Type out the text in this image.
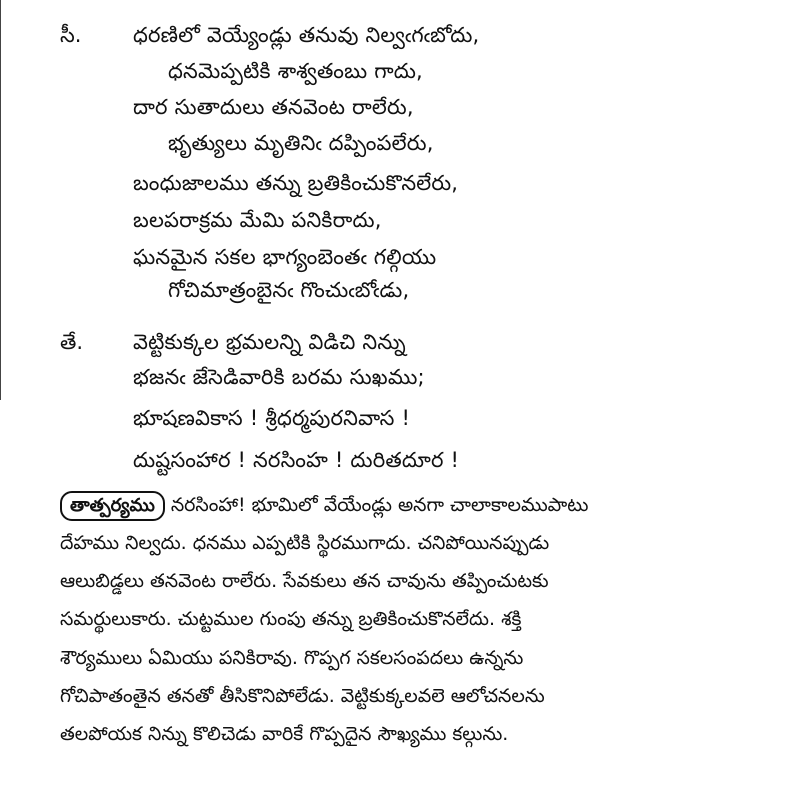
సీ. ధరణిలో వెయ్యేండ్లు తనువు నిల్వఁగఁబోదు,
ధనమెప్పటికి శాశ్వతంబు గాదు,
దార సుతాదులు తనవెంట రాలేరు,
భృత్యులు మృతినిఁ దప్పింపలేరు,
బంధుజాలము తన్ను బ్రతికించుకొనలేరు,
బలపరాక్రమ మేమి పనికిరాదు,
ఘనమైన సకల భాగ్యంబెంతఁ గల్గియు
గోచిమాత్రంబైనఁ గొంచుఁబోఁడు,
తే. వెట్టికుక్కల భ్రమలన్ని విడిచి నిన్ను
భజనఁ జేసెడివారికి బరమ సుఖము;
భూషణవికాస ! శ్రీధర్మపురనివాస !
దుష్టసంహార ! నరసింహ ! దురితదూర !
తాత్పర్యము నరసింహా! భూమిలో వేయేండ్లు అనగా చాలాకాలముపాటు
దేహము నిల్వదు. ధనము ఎప్పటికి స్థిరముగాదు. చనిపోయినప్పుడు
ఆలుబిడ్డలు తనవెంట రాలేరు. సేవకులు తన చావును తప్పించుటకు
సమర్థులుకారు. చుట్టముల గుంపు తన్ను బ్రతికించుకొనలేదు. శక్తి
శౌర్యములు ఏమియు పనికిరావు. గొప్పగ సకలసంపదలు ఉన్నను
గోచిపాతంతైన తనతో తీసికొనిపోలేడు. వెట్టికుక్కలవలె ఆలోచనలను
తలపోయక నిన్ను కొలిచెడు వారికే గొప్పదైన సౌఖ్యము కల్గును.
